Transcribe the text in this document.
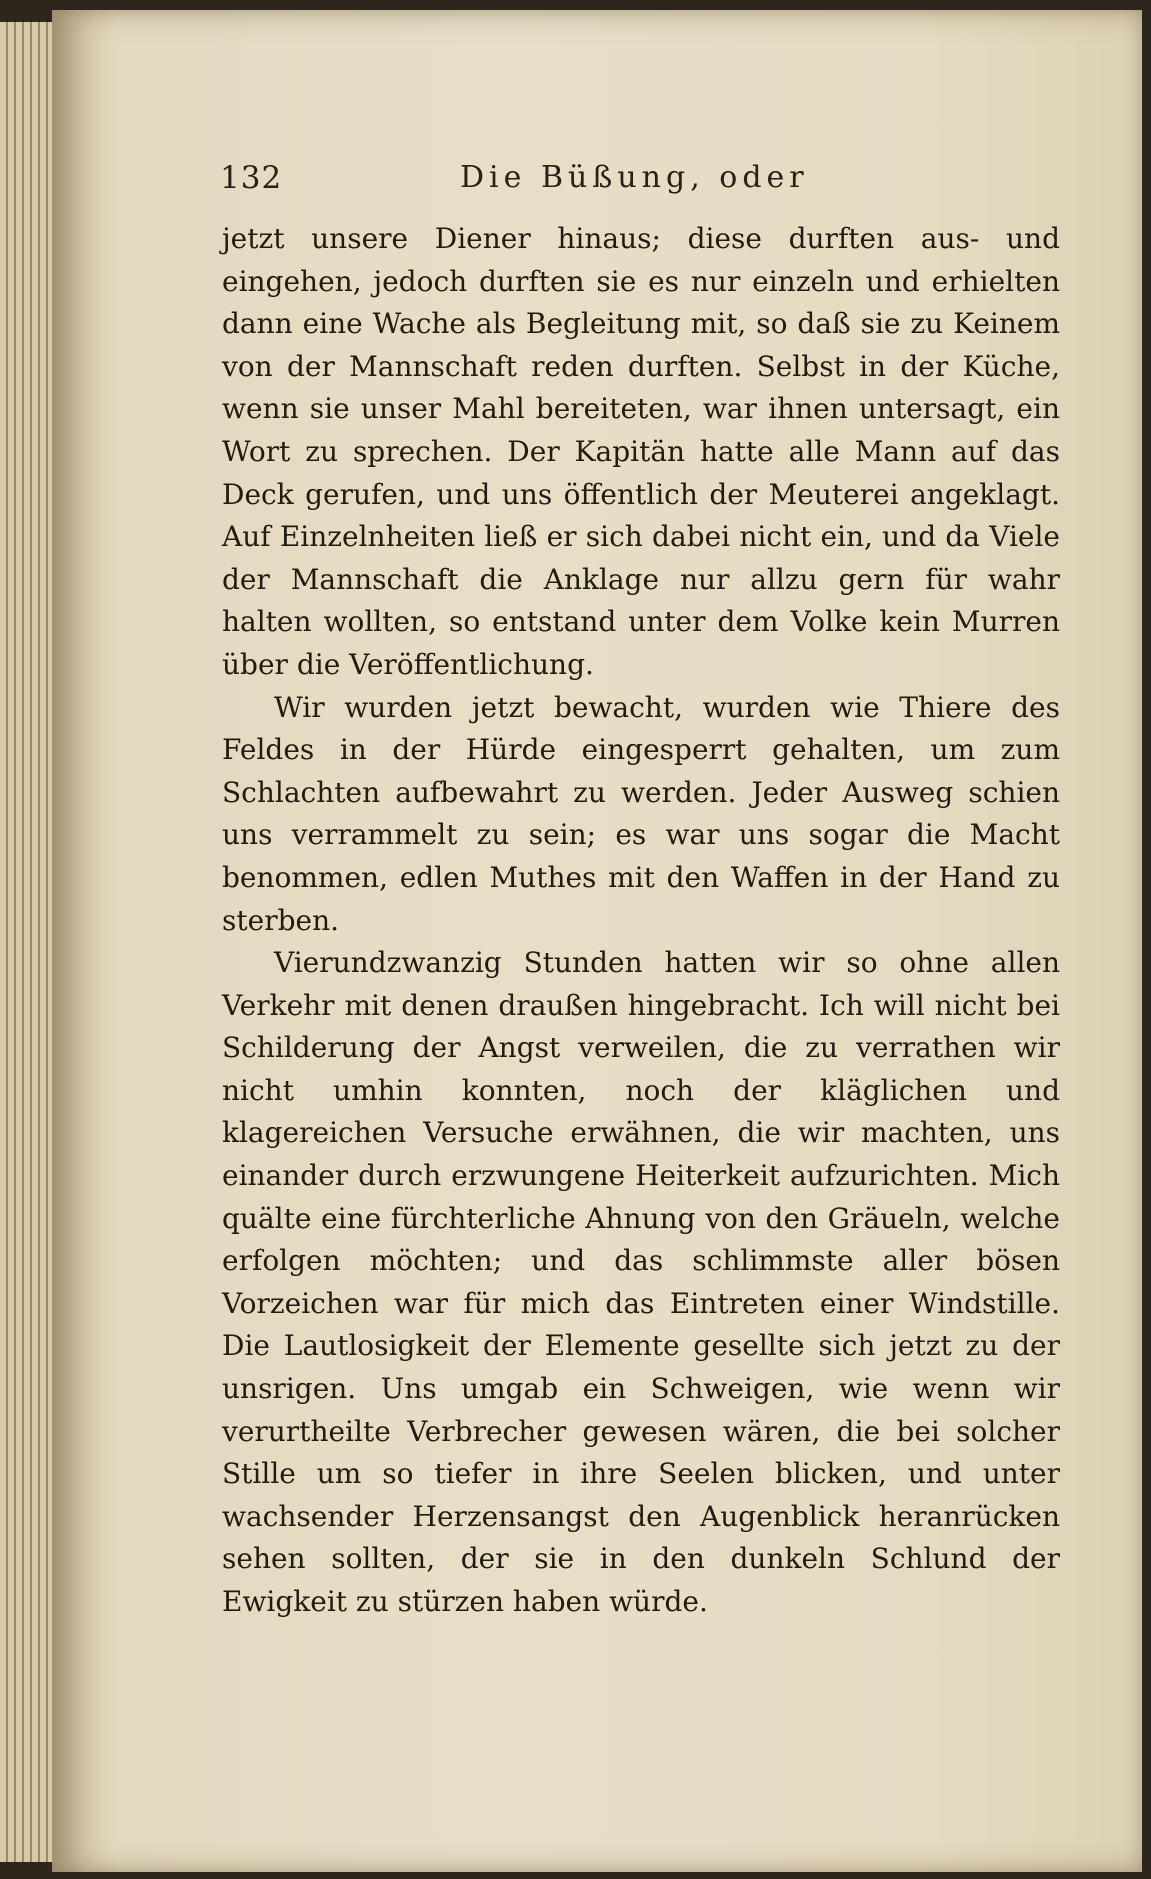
132	Die Büßung, oder

jetzt unsere Diener hinaus; diese durften aus- und eingehen, jedoch durften sie es nur einzeln und erhielten dann eine Wache als Begleitung mit, so daß sie zu Keinem von der Mannschaft reden durften. Selbst in der Küche, wenn sie unser Mahl bereiteten, war ihnen untersagt, ein Wort zu sprechen. Der Kapitän hatte alle Mann auf das Deck gerufen, und uns öffentlich der Meuterei angeklagt. Auf Einzelnheiten ließ er sich dabei nicht ein, und da Viele der Mannschaft die Anklage nur allzu gern für wahr halten wollten, so entstand unter dem Volke kein Murren über die Veröffentlichung.

Wir wurden jetzt bewacht, wurden wie Thiere des Feldes in der Hürde eingesperrt gehalten, um zum Schlachten aufbewahrt zu werden. Jeder Ausweg schien uns verrammelt zu sein; es war uns sogar die Macht benommen, edlen Muthes mit den Waffen in der Hand zu sterben.

Vierundzwanzig Stunden hatten wir so ohne allen Verkehr mit denen draußen hingebracht. Ich will nicht bei Schilderung der Angst verweilen, die zu verrathen wir nicht umhin konnten, noch der kläglichen und klagereichen Versuche erwähnen, die wir machten, uns einander durch erzwungene Heiterkeit aufzurichten. Mich quälte eine fürchterliche Ahnung von den Gräueln, welche erfolgen möchten; und das schlimmste aller bösen Vorzeichen war für mich das Eintreten einer Windstille. Die Lautlosigkeit der Elemente gesellte sich jetzt zu der unsrigen. Uns umgab ein Schweigen, wie wenn wir verurtheilte Verbrecher gewesen wären, die bei solcher Stille um so tiefer in ihre Seelen blicken, und unter wachsender Herzensangst den Augenblick heranrücken sehen sollten, der sie in den dunkeln Schlund der Ewigkeit zu stürzen haben würde.
